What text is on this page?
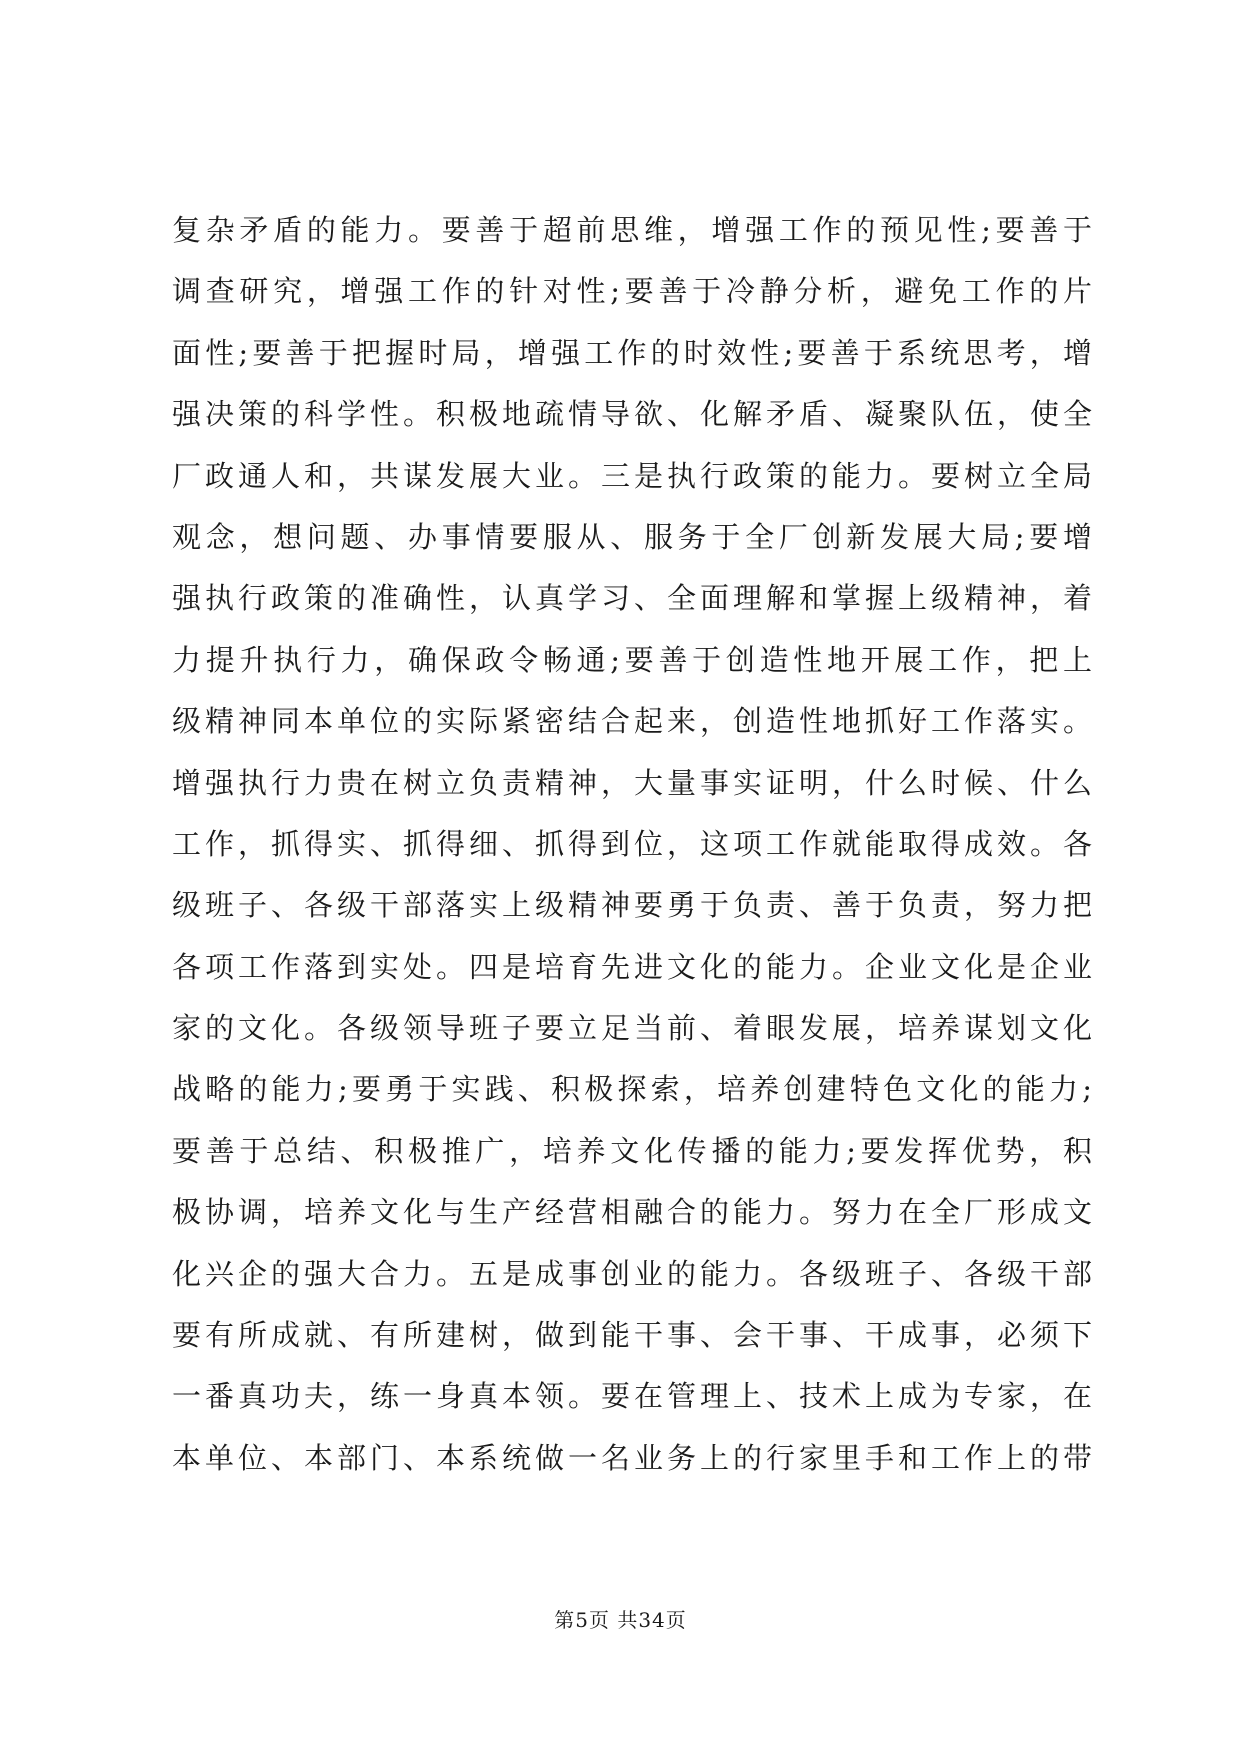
复杂矛盾的能力。要善于超前思维，增强工作的预见性;要善于
调查研究，增强工作的针对性;要善于冷静分析，避免工作的片
面性;要善于把握时局，增强工作的时效性;要善于系统思考，增
强决策的科学性。积极地疏情导欲、化解矛盾、凝聚队伍，使全
厂政通人和，共谋发展大业。三是执行政策的能力。要树立全局
观念，想问题、办事情要服从、服务于全厂创新发展大局;要增
强执行政策的准确性，认真学习、全面理解和掌握上级精神，着
力提升执行力，确保政令畅通;要善于创造性地开展工作，把上
级精神同本单位的实际紧密结合起来，创造性地抓好工作落实。
增强执行力贵在树立负责精神，大量事实证明，什么时候、什么
工作，抓得实、抓得细、抓得到位，这项工作就能取得成效。各
级班子、各级干部落实上级精神要勇于负责、善于负责，努力把
各项工作落到实处。四是培育先进文化的能力。企业文化是企业
家的文化。各级领导班子要立足当前、着眼发展，培养谋划文化
战略的能力;要勇于实践、积极探索，培养创建特色文化的能力;
要善于总结、积极推广，培养文化传播的能力;要发挥优势，积
极协调，培养文化与生产经营相融合的能力。努力在全厂形成文
化兴企的强大合力。五是成事创业的能力。各级班子、各级干部
要有所成就、有所建树，做到能干事、会干事、干成事，必须下
一番真功夫，练一身真本领。要在管理上、技术上成为专家，在
本单位、本部门、本系统做一名业务上的行家里手和工作上的带
第5页 共34页
